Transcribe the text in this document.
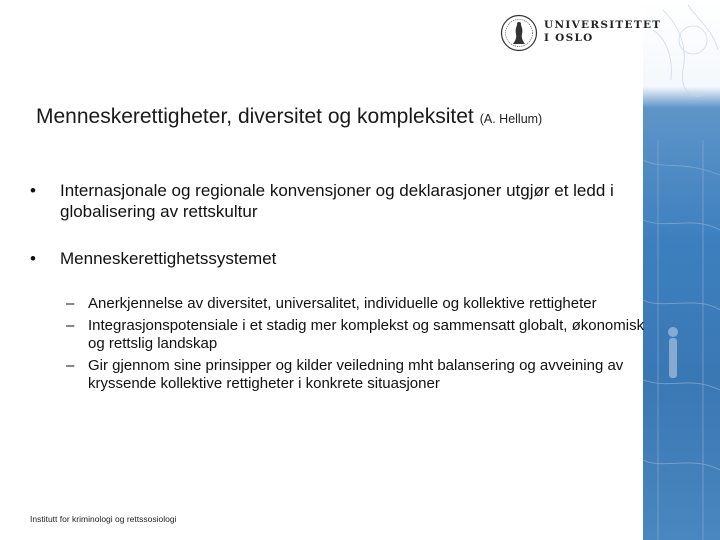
UNIVERSITETET
I OSLO
Menneskerettigheter, diversitet og kompleksitet (A. Hellum)
• Internasjonale og regionale konvensjoner og deklarasjoner utgjør et ledd i globalisering av rettskultur
• Menneskerettighetssystemet
– Anerkjennelse av diversitet, universalitet, individuelle og kollektive rettigheter
– Integrasjonspotensiale i et stadig mer komplekst og sammensatt globalt, økonomisk og rettslig landskap
– Gir gjennom sine prinsipper og kilder veiledning mht balansering og avveining av kryssende kollektive rettigheter i konkrete situasjoner
Institutt for kriminologi og rettssosiologi
